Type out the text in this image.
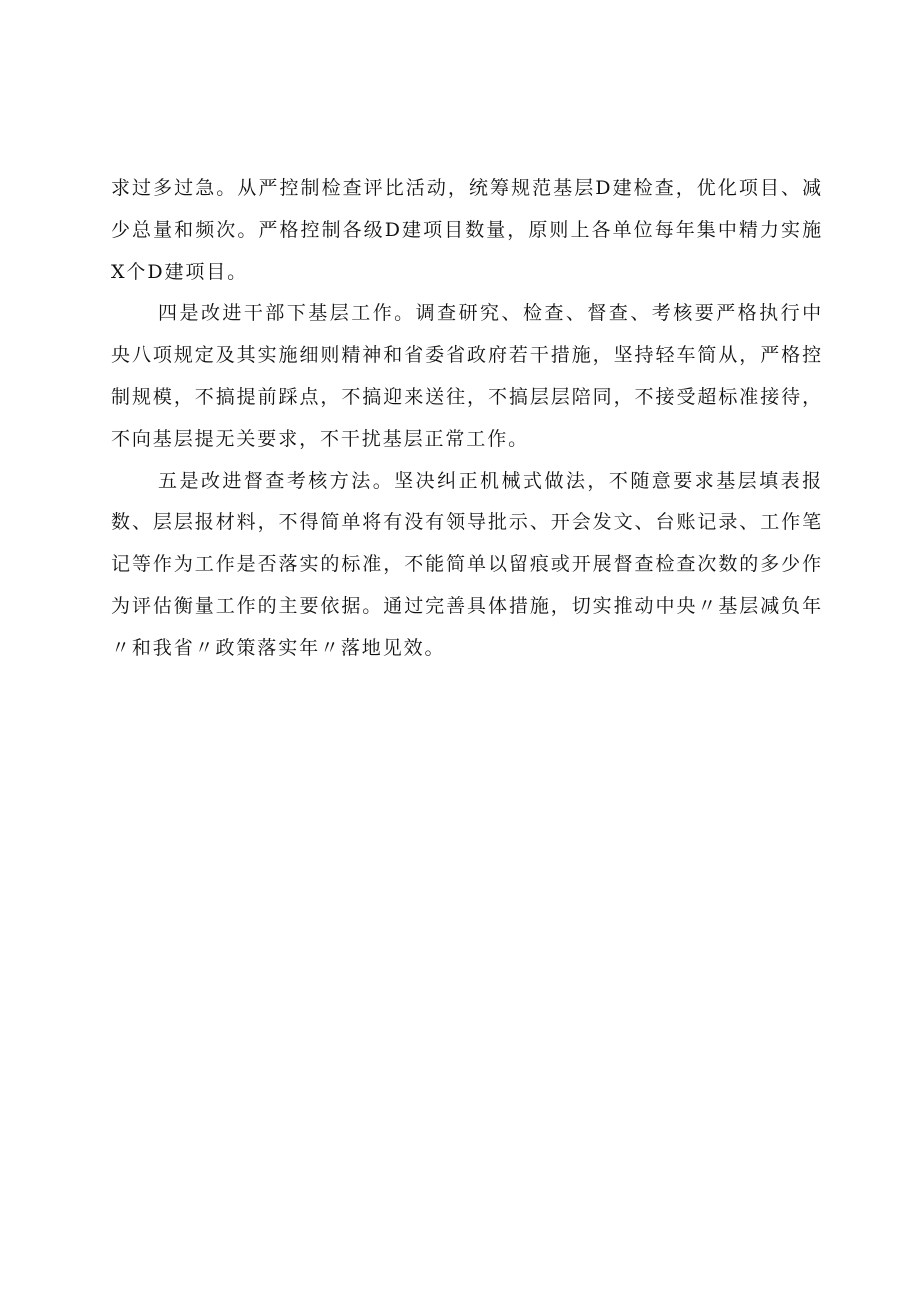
求过多过急。从严控制检查评比活动，统筹规范基层D建检查，优化项目、减少总量和频次。严格控制各级D建项目数量，原则上各单位每年集中精力实施X个D建项目。

四是改进干部下基层工作。调查研究、检查、督查、考核要严格执行中央八项规定及其实施细则精神和省委省政府若干措施，坚持轻车简从，严格控制规模，不搞提前踩点，不搞迎来送往，不搞层层陪同，不接受超标准接待，不向基层提无关要求，不干扰基层正常工作。

五是改进督查考核方法。坚决纠正机械式做法，不随意要求基层填表报数、层层报材料，不得简单将有没有领导批示、开会发文、台账记录、工作笔记等作为工作是否落实的标准，不能简单以留痕或开展督查检查次数的多少作为评估衡量工作的主要依据。通过完善具体措施，切实推动中央〃基层减负年〃和我省〃政策落实年〃落地见效。
